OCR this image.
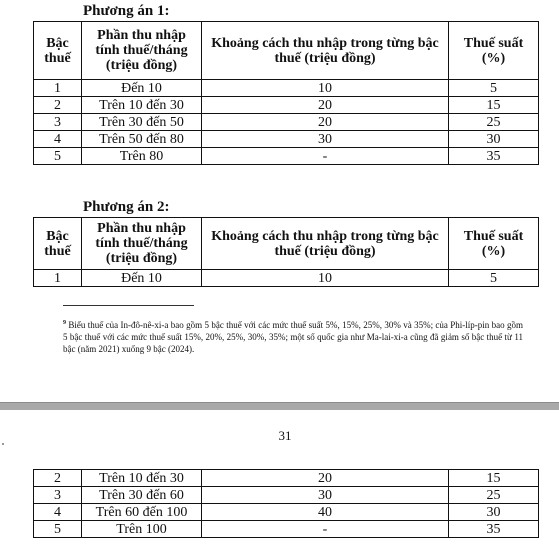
Phương án 1:
Bậc thuế	Phần thu nhập tính thuế/tháng (triệu đồng)	Khoảng cách thu nhập trong từng bậc thuế (triệu đồng)	Thuế suất (%)
1	Đến 10	10	5
2	Trên 10 đến 30	20	15
3	Trên 30 đến 50	20	25
4	Trên 50 đến 80	30	30
5	Trên 80	-	35
Phương án 2:
Bậc thuế	Phần thu nhập tính thuế/tháng (triệu đồng)	Khoảng cách thu nhập trong từng bậc thuế (triệu đồng)	Thuế suất (%)
1	Đến 10	10	5
$^9$ Biểu thuế của In-đô-nê-xi-a bao gồm 5 bậc thuế với các mức thuế suất 5%, 15%, 25%, 30% và 35%; của Phi-líp-pin bao gồm 5 bậc thuế với các mức thuế suất 15%, 20%, 25%, 30%, 35%; một số quốc gia như Ma-lai-xi-a cũng đã giảm số bậc thuế từ 11 bậc (năm 2021) xuống 9 bậc (2024).
31
2	Trên 10 đến 30	20	15
3	Trên 30 đến 60	30	25
4	Trên 60 đến 100	40	30
5	Trên 100	-	35
